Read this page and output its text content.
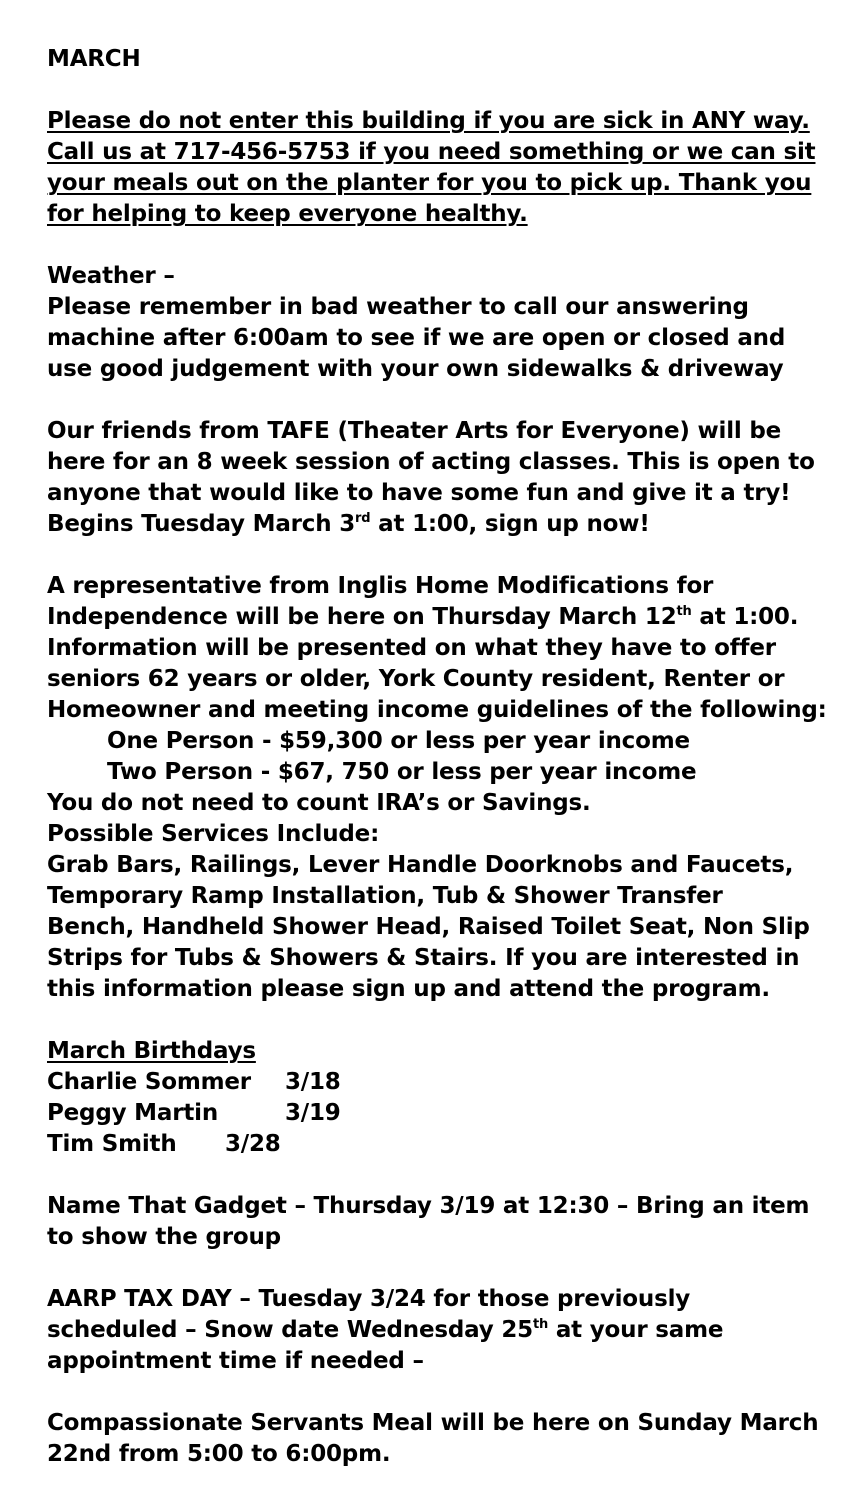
MARCH
Please do not enter this building if you are sick in ANY way.
Call us at 717-456-5753 if you need something or we can sit
your meals out on the planter for you to pick up. Thank you
for helping to keep everyone healthy.
Weather –
Please remember in bad weather to call our answering
machine after 6:00am to see if we are open or closed and
use good judgement with your own sidewalks & driveway
Our friends from TAFE (Theater Arts for Everyone) will be
here for an 8 week session of acting classes. This is open to
anyone that would like to have some fun and give it a try!
Begins Tuesday March 3rd at 1:00, sign up now!
A representative from Inglis Home Modifications for
Independence will be here on Thursday March 12th at 1:00.
Information will be presented on what they have to offer
seniors 62 years or older, York County resident, Renter or
Homeowner and meeting income guidelines of the following:
One Person - $59,300 or less per year income
Two Person - $67, 750 or less per year income
You do not need to count IRA’s or Savings.
Possible Services Include:
Grab Bars, Railings, Lever Handle Doorknobs and Faucets,
Temporary Ramp Installation, Tub & Shower Transfer
Bench, Handheld Shower Head, Raised Toilet Seat, Non Slip
Strips for Tubs & Showers & Stairs. If you are interested in
this information please sign up and attend the program.
March Birthdays
Charlie Sommer 3/18
Peggy Martin	3/19
Tim Smith 3/28
Name That Gadget – Thursday 3/19 at 12:30 – Bring an item
to show the group
AARP TAX DAY – Tuesday 3/24 for those previously
scheduled – Snow date Wednesday 25th at your same
appointment time if needed –
Compassionate Servants Meal will be here on Sunday March
22nd from 5:00 to 6:00pm.
